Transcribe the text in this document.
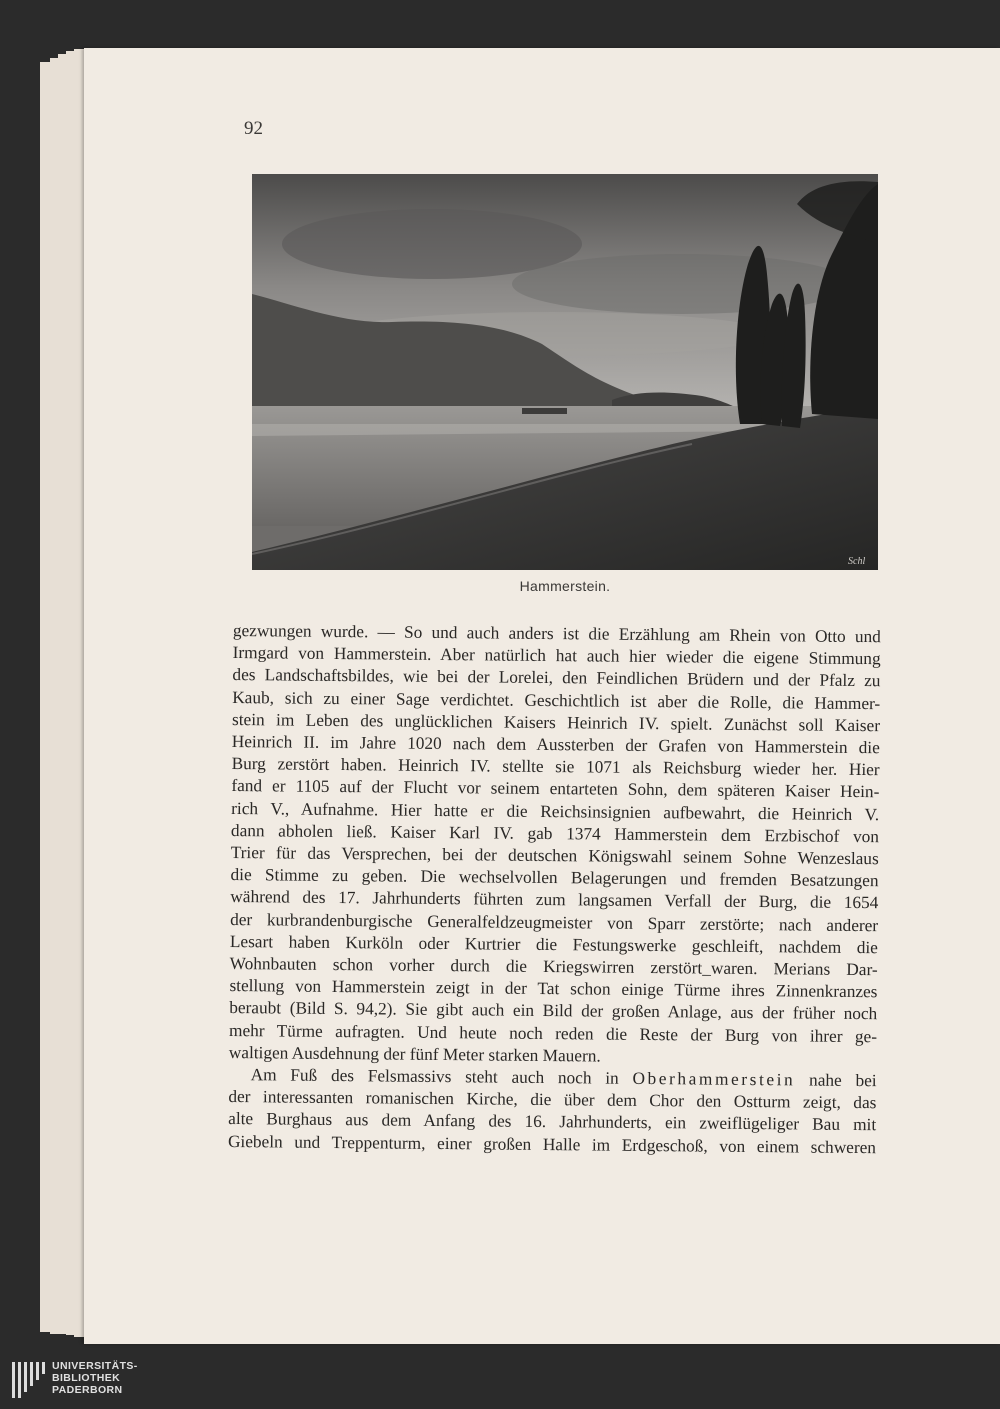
92
Schl
Hammerstein.
gezwungen wurde. — So und auch anders ist die Erzählung am Rhein von Otto und
Irmgard von Hammerstein. Aber natürlich hat auch hier wieder die eigene Stimmung
des Landschaftsbildes, wie bei der Lorelei, den Feindlichen Brüdern und der Pfalz zu
Kaub, sich zu einer Sage verdichtet. Geschichtlich ist aber die Rolle, die Hammer-
stein im Leben des unglücklichen Kaisers Heinrich IV. spielt. Zunächst soll Kaiser
Heinrich II. im Jahre 1020 nach dem Aussterben der Grafen von Hammerstein die
Burg zerstört haben. Heinrich IV. stellte sie 1071 als Reichsburg wieder her. Hier
fand er 1105 auf der Flucht vor seinem entarteten Sohn, dem späteren Kaiser Hein-
rich V., Aufnahme. Hier hatte er die Reichsinsignien aufbewahrt, die Heinrich V.
dann abholen ließ. Kaiser Karl IV. gab 1374 Hammerstein dem Erzbischof von
Trier für das Versprechen, bei der deutschen Königswahl seinem Sohne Wenzeslaus
die Stimme zu geben. Die wechselvollen Belagerungen und fremden Besatzungen
während des 17. Jahrhunderts führten zum langsamen Verfall der Burg, die 1654
der kurbrandenburgische Generalfeldzeugmeister von Sparr zerstörte; nach anderer
Lesart haben Kurköln oder Kurtrier die Festungswerke geschleift, nachdem die
Wohnbauten schon vorher durch die Kriegswirren zerstört_waren. Merians Dar-
stellung von Hammerstein zeigt in der Tat schon einige Türme ihres Zinnenkranzes
beraubt (Bild S. 94,2). Sie gibt auch ein Bild der großen Anlage, aus der früher noch
mehr Türme aufragten. Und heute noch reden die Reste der Burg von ihrer ge-
waltigen Ausdehnung der fünf Meter starken Mauern.
Am Fuß des Felsmassivs steht auch noch in Oberhammerstein nahe bei
der interessanten romanischen Kirche, die über dem Chor den Ostturm zeigt, das
alte Burghaus aus dem Anfang des 16. Jahrhunderts, ein zweiflügeliger Bau mit
Giebeln und Treppenturm, einer großen Halle im Erdgeschoß, von einem schweren
UNIVERSITÄTS-
BIBLIOTHEK
PADERBORN
